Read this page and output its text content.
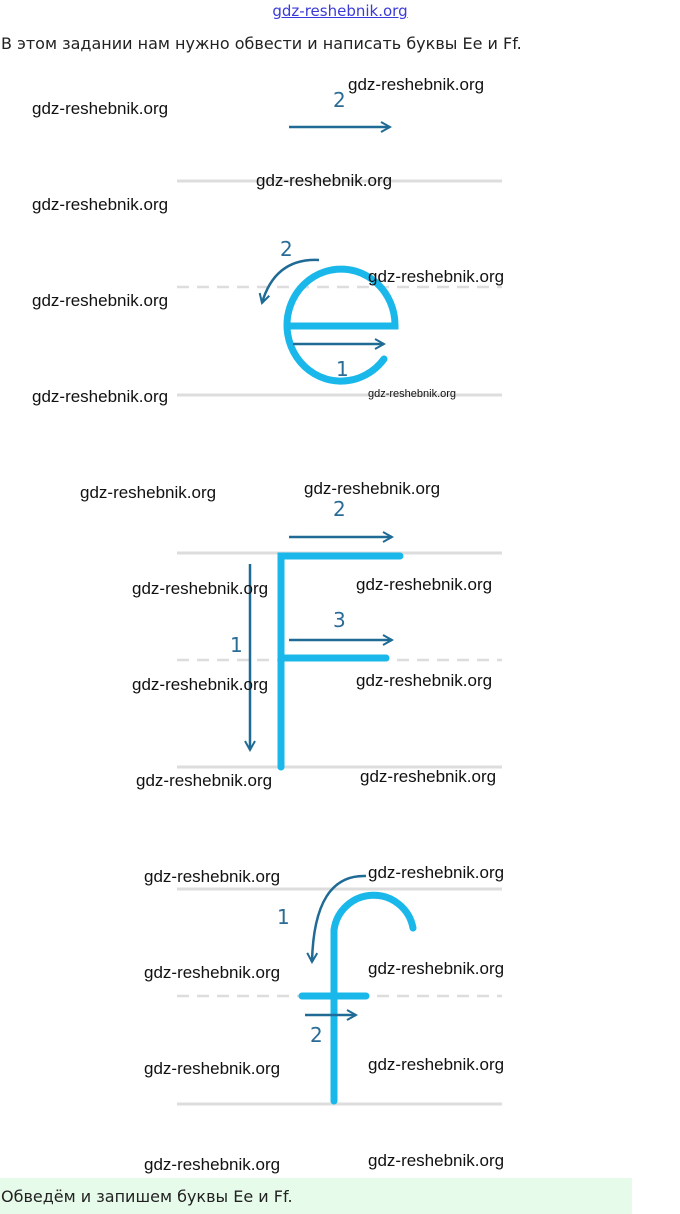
gdz-reshebnik.org

В этом задании нам нужно обвести и написать буквы Ee и Ff.

2
1
2
1
2
3
1
2
gdz-reshebnik.org
gdz-reshebnik.org
gdz-reshebnik.org
gdz-reshebnik.org
gdz-reshebnik.org
gdz-reshebnik.org
gdz-reshebnik.org
gdz-reshebnik.org
gdz-reshebnik.org	gdz-reshebnik.org
gdz-reshebnik.org	gdz-reshebnik.org
gdz-reshebnik.org	gdz-reshebnik.org
gdz-reshebnik.org	gdz-reshebnik.org
gdz-reshebnik.org	gdz-reshebnik.org
gdz-reshebnik.org	gdz-reshebnik.org
gdz-reshebnik.org	gdz-reshebnik.org
gdz-reshebnik.org	gdz-reshebnik.org
Обведём и запишем буквы Ee и Ff.
